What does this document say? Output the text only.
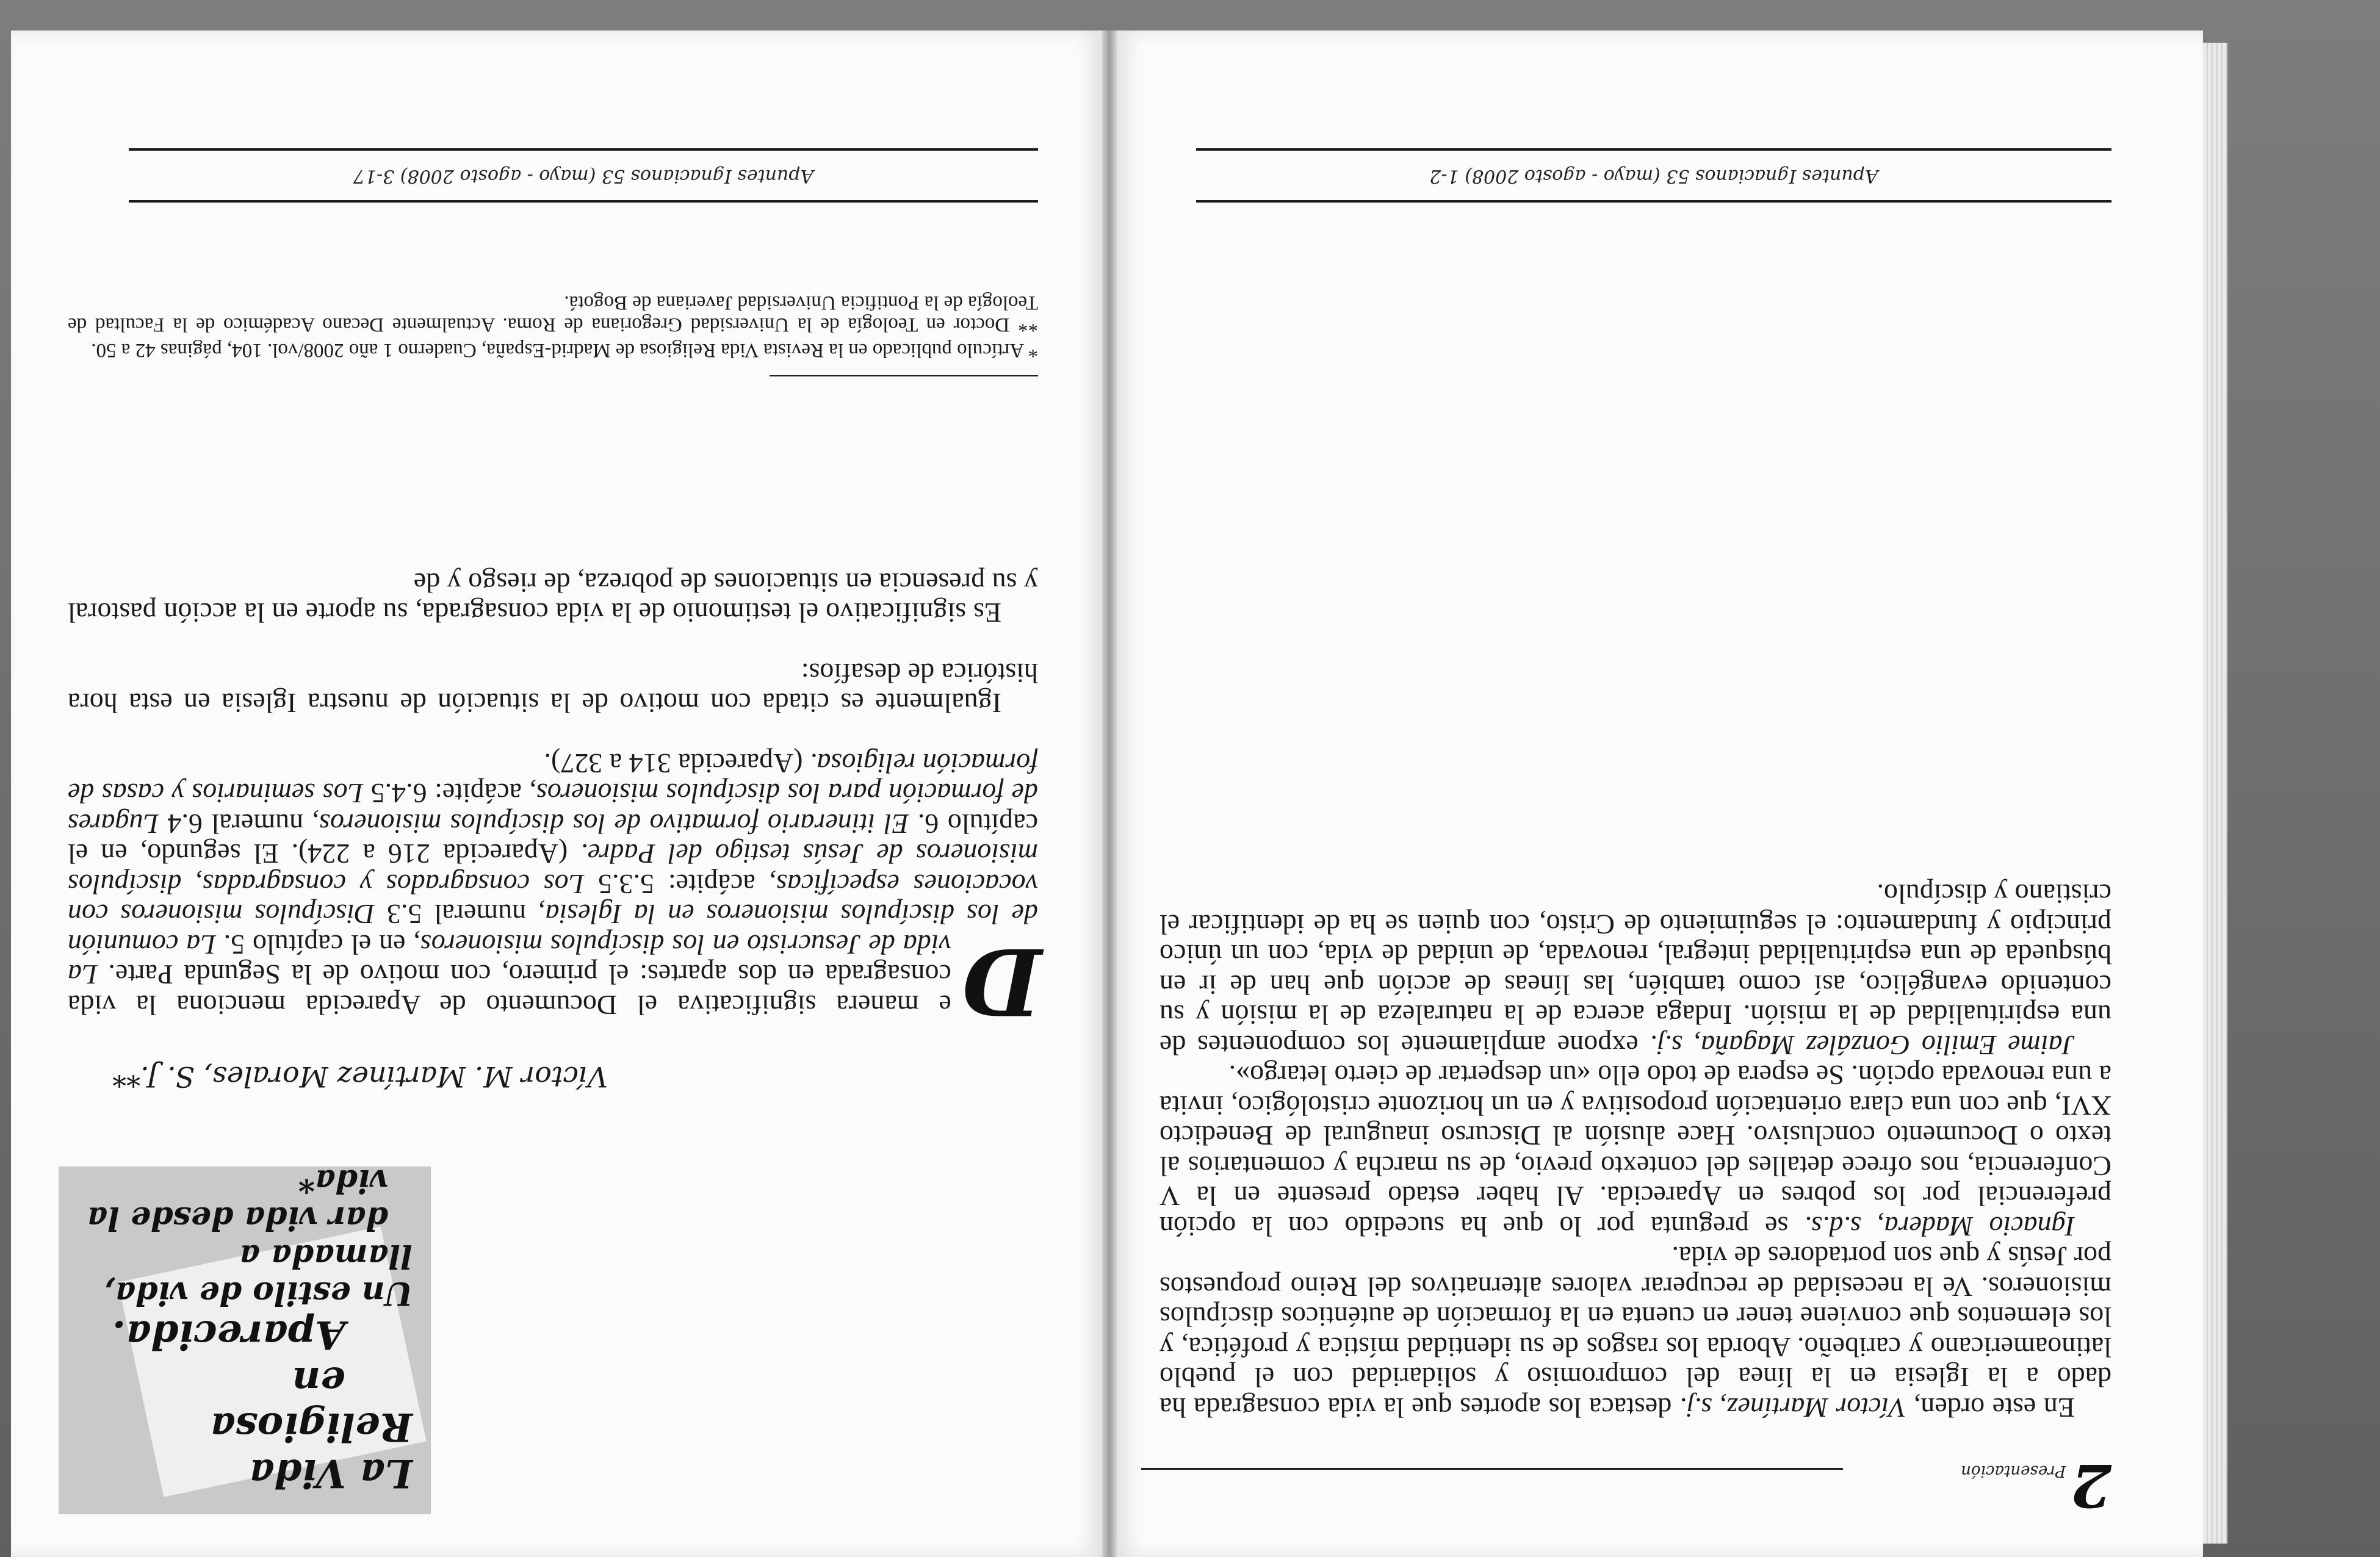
Apuntes Ignacianos 53 (mayo - agosto 2008) 3-17
La Vida Religiosa
en Aparecida.
Un estilo de vida, llamada a
dar vida desde la vida*
Víctor M. Martínez Morales, S. J.**

D
e manera significativa el Documento de Aparecida menciona la vida consagrada en dos apartes: el primero, con motivo de la Segunda Parte. La vida de Jesucristo en los discípulos misioneros, en el capítulo 5. La comunión de los discípulos misioneros en la Iglesia, numeral 5.3 Discípulos misioneros con vocaciones específicas, acápite: 5.3.5 Los consagrados y consagradas, discípulos misioneros de Jesús testigo del Padre. (Aparecida 216 a 224). El segundo, en el capítulo 6. El itinerario formativo de los discípulos misioneros, numeral 6.4 Lugares de formación para los discípulos misioneros, acápite: 6.4.5 Los seminarios y casas de formación religiosa. (Aparecida 314 a 327).

Igualmente es citada con motivo de la situación de nuestra Iglesia en esta hora histórica de desafíos:

Es significativo el testimonio de la vida consagrada, su aporte en la acción pastoral y su presencia en situaciones de pobreza, de riesgo y de

* Artículo publicado en la Revista Vida Religiosa de Madrid-España, Cuaderno 1 año 2008/vol. 104, páginas 42 a 50.

** Doctor en Teología de la Universidad Gregoriana de Roma. Actualmente Decano Académico de la Facultad de Teología de la Pontificia Universidad Javeriana de Bogotá.

2
Presentación

En este orden, Víctor Martínez, s.j. destaca los aportes que la vida consagrada ha dado a la Iglesia en la línea del compromiso y solidaridad con el pueblo latinoamericano y caribeño. Aborda los rasgos de su identidad mística y profética, y los elementos que conviene tener en cuenta en la formación de auténticos discípulos misioneros. Ve la necesidad de recuperar valores alternativos del Reino propuestos por Jesús y que son portadores de vida.

Ignacio Madera, s.d.s. se pregunta por lo que ha sucedido con la opción preferencial por los pobres en Aparecida. Al haber estado presente en la V Conferencia, nos ofrece detalles del contexto previo, de su marcha y comentarios al texto o Documento conclusivo. Hace alusión al Discurso inaugural de Benedicto XVI, que con una clara orientación propositiva y en un horizonte cristológico, invita a una renovada opción. Se espera de todo ello «un despertar de cierto letargo».

Jaime Emilio González Magaña, s.j. expone ampliamente los componentes de una espiritualidad de la misión. Indaga acerca de la naturaleza de la misión y su contenido evangélico, así como también, las líneas de acción que han de ir en búsqueda de una espiritualidad integral, renovada, de unidad de vida, con un único principio y fundamento: el seguimiento de Cristo, con quien se ha de identificar el cristiano y discípulo.

Apuntes Ignacianos 53 (mayo - agosto 2008) 1-2
